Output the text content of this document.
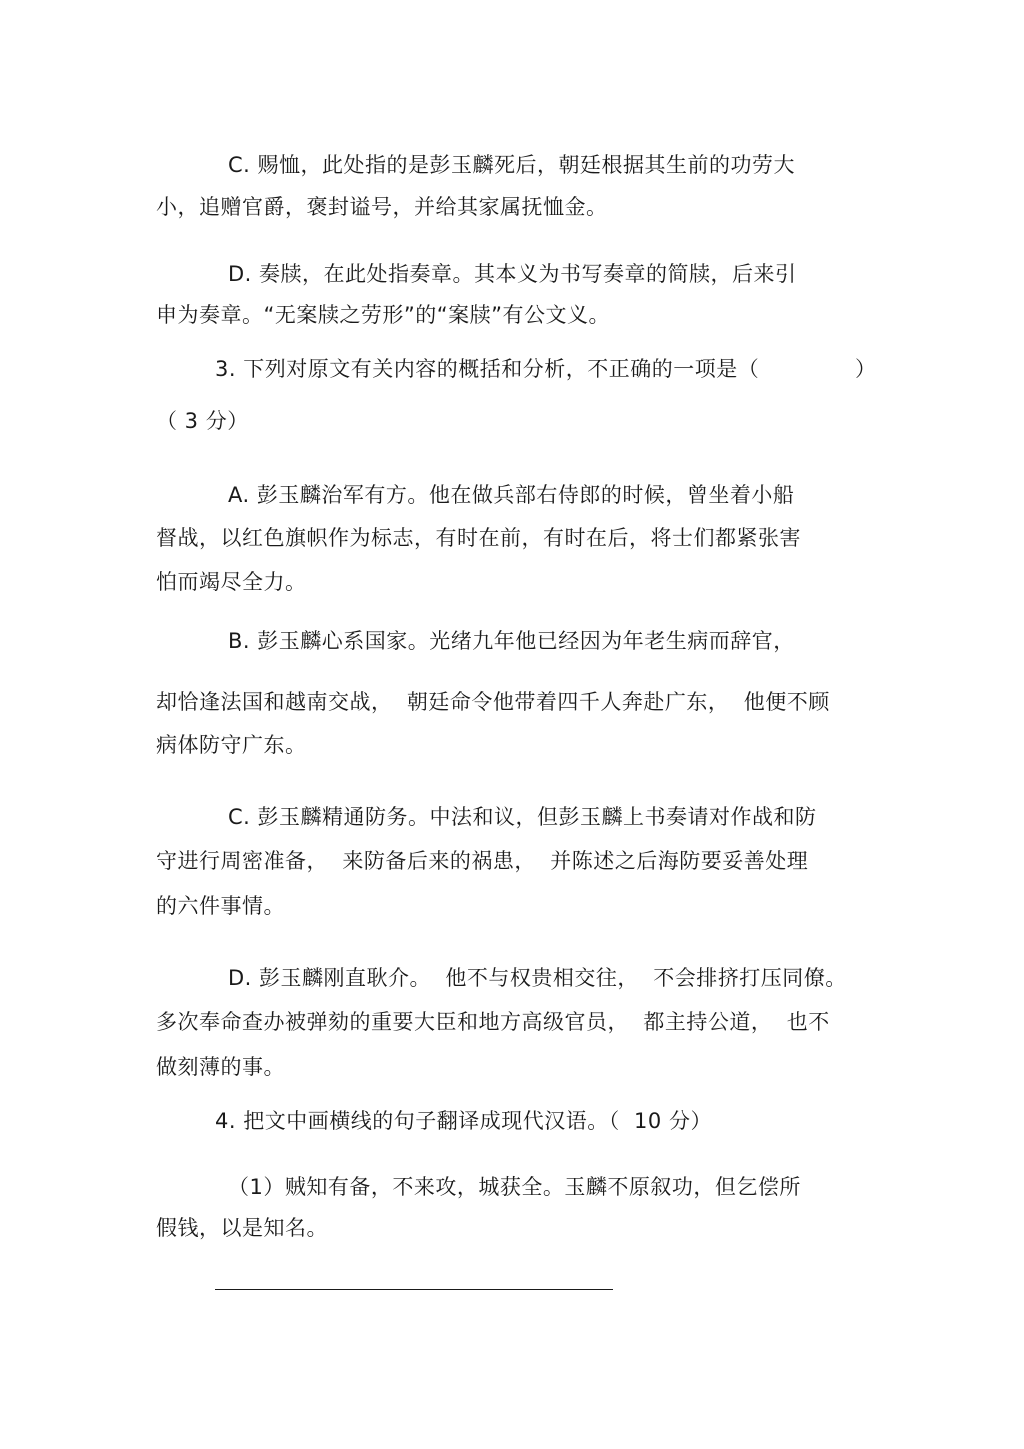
C. 赐恤，此处指的是彭玉麟死后，朝廷根据其生前的功劳大
小，追赠官爵，褒封谥号，并给其家属抚恤金。
D. 奏牍，在此处指奏章。其本义为书写奏章的简牍，后来引
申为奏章。“无案牍之劳形”的“案牍”有公文义。
3. 下列对原文有关内容的概括和分析，不正确的一项是（	）
（ 3 分）
A. 彭玉麟治军有方。他在做兵部右侍郎的时候，曾坐着小船
督战，以红色旗帜作为标志，有时在前，有时在后，将士们都紧张害
怕而竭尽全力。
B. 彭玉麟心系国家。光绪九年他已经因为年老生病而辞官，
却恰逢法国和越南交战，  朝廷命令他带着四千人奔赴广东，  他便不顾
病体防守广东。
C. 彭玉麟精通防务。中法和议，但彭玉麟上书奏请对作战和防
守进行周密准备，  来防备后来的祸患，  并陈述之后海防要妥善处理
的六件事情。
D. 彭玉麟刚直耿介。  他不与权贵相交往，  不会排挤打压同僚。
多次奉命查办被弹劾的重要大臣和地方高级官员，  都主持公道，  也不
做刻薄的事。
4. 把文中画横线的句子翻译成现代汉语。（  10 分）
（1）贼知有备，不来攻，城获全。玉麟不原叙功，但乞偿所
假钱，以是知名。
